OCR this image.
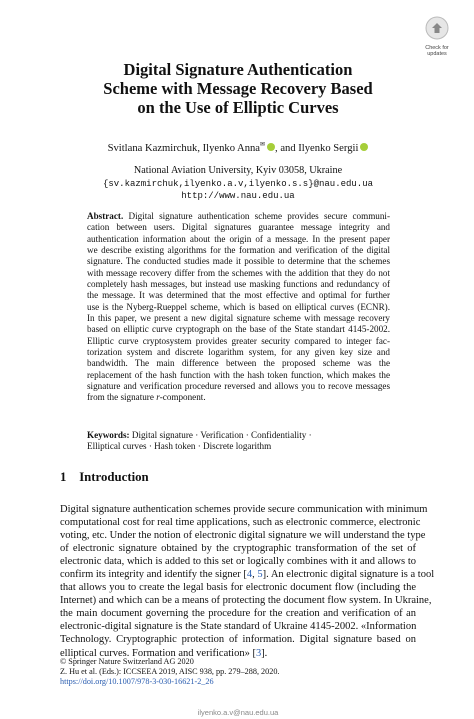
Check for
updates
Digital Signature Authentication
Scheme with Message Recovery Based
on the Use of Elliptic Curves
Svitlana Kazmirchuk, Ilyenko Anna✉ , and Ilyenko Sergii
National Aviation University, Kyiv 03058, Ukraine
{sv.kazmirchuk,ilyenko.a.v,ilyenko.s.s}@nau.edu.ua
http://www.nau.edu.ua
Abstract. Digital signature authentication scheme provides secure communi-
cation between users. Digital signatures guarantee message integrity and
authentication information about the origin of a message. In the present paper
we describe existing algorithms for the formation and verification of the digital
signature. The conducted studies made it possible to determine that the schemes
with message recovery differ from the schemes with the addition that they do not
completely hash messages, but instead use masking functions and redundancy of
the message. It was determined that the most effective and optimal for further
use is the Nyberg-Rueppel scheme, which is based on elliptical curves (ECNR).
In this paper, we present a new digital signature scheme with message recovery
based on elliptic curve cryptograph on the base of the State standart 4145-2002.
Elliptic curve cryptosystem provides greater security compared to integer fac-
torization system and discrete logarithm system, for any given key size and
bandwidth. The main difference between the proposed scheme was the
replacement of the hash function with the hash token function, which makes the
signature and verification procedure reversed and allows you to recove messages
from the signature r-component.
Keywords: Digital signature · Verification · Confidentiality ·
Elliptical curves · Hash token · Discrete logarithm
1 Introduction
Digital signature authentication schemes provide secure communication with minimum
computational cost for real time applications, such as electronic commerce, electronic
voting, etc. Under the notion of electronic digital signature we will understand the type
of electronic signature obtained by the cryptographic transformation of the set of
electronic data, which is added to this set or logically combines with it and allows to
confirm its integrity and identify the signer [4, 5]. An electronic digital signature is a tool
that allows you to create the legal basis for electronic document flow (including the
Internet) and which can be a means of protecting the document flow system. In Ukraine,
the main document governing the procedure for the creation and verification of an
electronic-digital signature is the State standard of Ukraine 4145-2002. «Information
Technology. Cryptographic protection of information. Digital signature based on
elliptical curves. Formation and verification» [3].
© Springer Nature Switzerland AG 2020
Z. Hu et al. (Eds.): ICCSEEA 2019, AISC 938, pp. 279–288, 2020.
https://doi.org/10.1007/978-3-030-16621-2_26
ilyenko.a.v@nau.edu.ua
